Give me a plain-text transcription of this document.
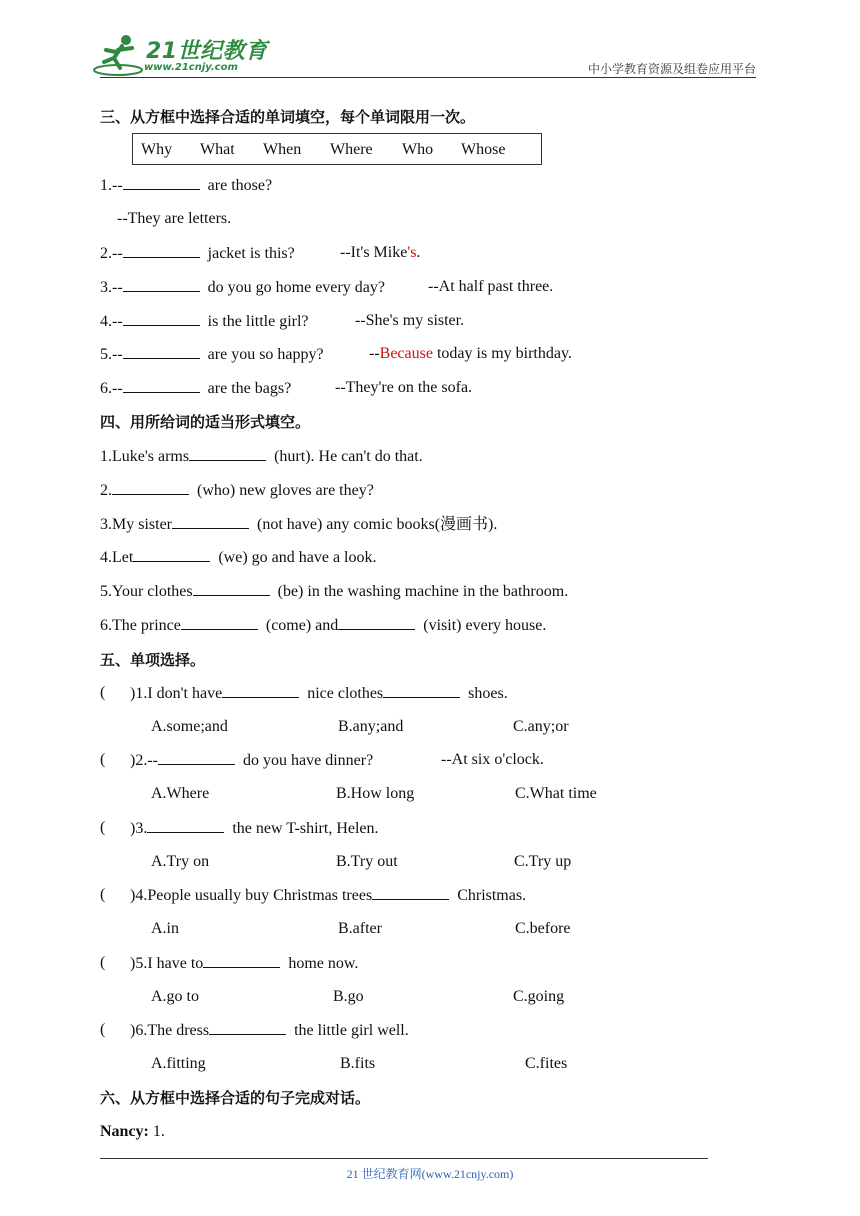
21世纪教育
www.21cnjy.com	中小学教育资源及组卷应用平台
三、从方框中选择合适的单词填空，每个单词限用一次。
Why What When Where Who Whose
1.--	are those?
--They are letters.
2.--	jacket is this?	--It's Mike's.
3.--	do you go home every day?	--At half past three.
4.--	is the little girl?	--She's my sister.
5.--	are you so happy?	--Because today is my birthday.
6.--	are the bags?	--They're on the sofa.
四、用所给词的适当形式填空。
1.Luke's arms	(hurt). He can't do that.
2.	(who) new gloves are they?
3.My sister	(not have) any comic books(漫画书).
4.Let	(we) go and have a look.
5.Your clothes	(be) in the washing machine in the bathroom.
6.The prince	(come) and	(visit) every house.
五、单项选择。
( )1.I don't have	nice clothes	shoes.
A.some;and	B.any;and	C.any;or
( )2.--	do you have dinner?	--At six o'clock.
A.Where	B.How long	C.What time
( )3.	the new T-shirt, Helen.
A.Try on	B.Try out	C.Try up
( )4.People usually buy Christmas trees	Christmas.
A.in	B.after	C.before
( )5.I have to	home now.
A.go to	B.go	C.going
( )6.The dress	the little girl well.
A.fitting	B.fits	C.fites
六、从方框中选择合适的句子完成对话。
Nancy: 1.
21 世纪教育网(www.21cnjy.com)
